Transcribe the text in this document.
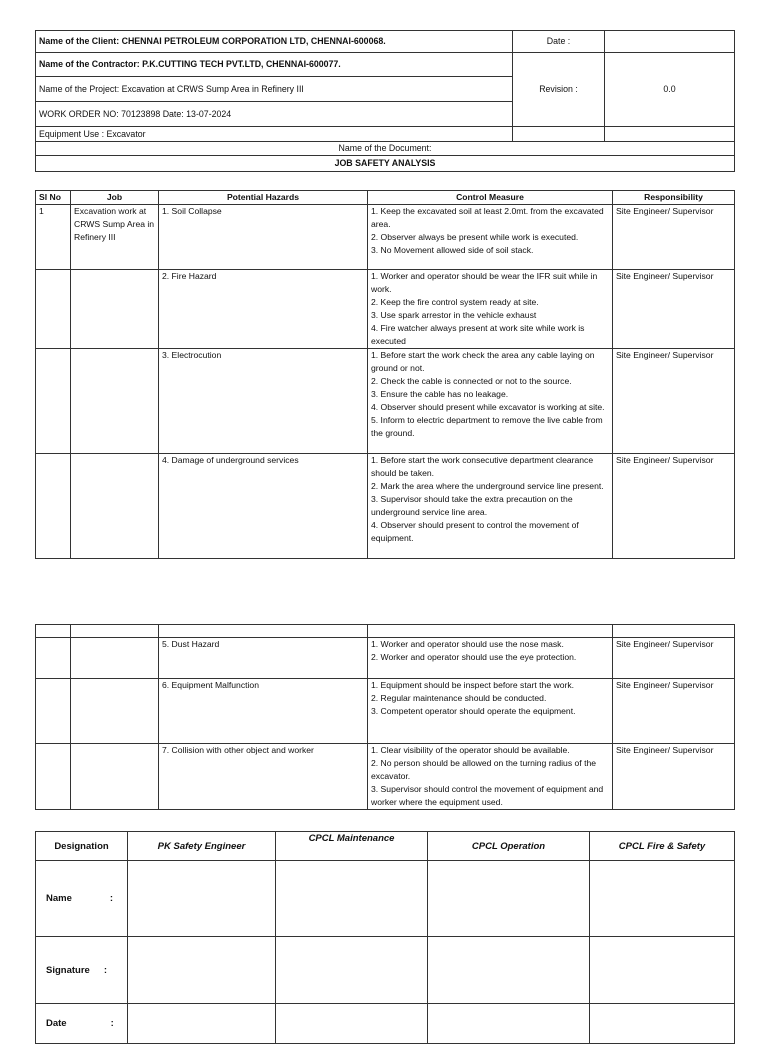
Name of the Client: CHENNAI PETROLEUM CORPORATION LTD, CHENNAI-600068.	Date :	
Name of the Contractor: P.K.CUTTING TECH PVT.LTD, CHENNAI-600077.	Revision :	0.0
Name of the Project: Excavation at CRWS Sump Area in Refinery III		
WORK ORDER NO: 70123898 Date: 13-07-2024		
Equipment Use : Excavator		
Name of the Document:		
JOB SAFETY ANALYSIS		
Sl No	Job	Potential Hazards	Control Measure	Responsibility
1	Excavation work at CRWS Sump Area in Refinery III	1. Soil Collapse	1. Keep the excavated soil at least 2.0mt. from the excavated area.
2. Observer always be present while work is executed.
3. No Movement allowed side of soil stack.	Site Engineer/ Supervisor
		2. Fire Hazard	1. Worker and operator should be wear the IFR suit while in work.
2. Keep the fire control system ready at site.
3. Use spark arrestor in the vehicle exhaust
4. Fire watcher always present at work site while work is executed	Site Engineer/ Supervisor
		3. Electrocution	1. Before start the work check the area any cable laying on ground or not.
2. Check the cable is connected or not to the source.
3. Ensure the cable has no leakage.
4. Observer should present while excavator is working at site.
5. Inform to electric department to remove the live cable from the ground.	Site Engineer/ Supervisor
		4. Damage of underground services	1. Before start the work consecutive department clearance should be taken.
2. Mark the area where the underground service line present.
3. Supervisor should take the extra precaution on the underground service line area.
4. Observer should present to control the movement of equipment.	Site Engineer/ Supervisor

		5. Dust Hazard	1. Worker and operator should use the nose mask.
2. Worker and operator should use the eye protection.	Site Engineer/ Supervisor
		6. Equipment Malfunction	1. Equipment should be inspect before start the work.
2. Regular maintenance should be conducted.
3. Competent operator should operate the equipment.	Site Engineer/ Supervisor
		7. Collision with other object and worker	1. Clear visibility of the operator should be available.
2. No person should be allowed on the turning radius of the excavator.
3. Supervisor should control the movement of equipment and worker where the equipment used.	Site Engineer/ Supervisor
Designation	PK Safety Engineer	CPCL Maintenance	CPCL Operation	CPCL Fire & Safety
Name :				
Signature :				
Date :				
